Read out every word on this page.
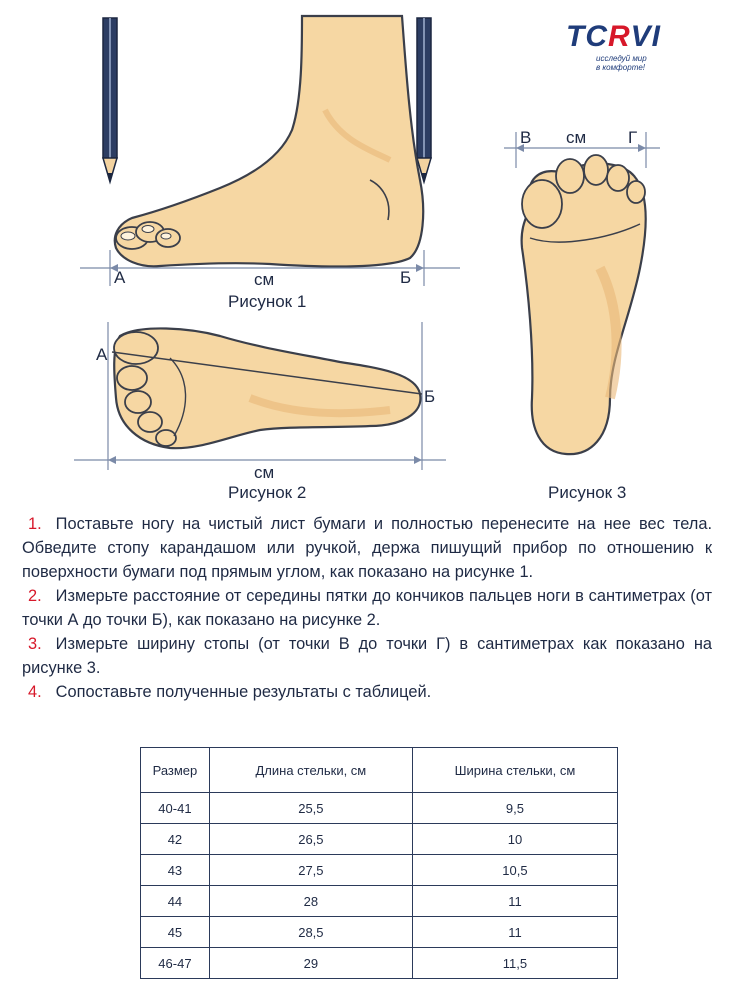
TCRVI
исследуй мир
в комфорте!
А	Б
см
Рисунок 1
А
Б
см
Рисунок 2
В см Г
Рисунок 3

1. Поставьте ногу на чистый лист бумаги и полностью перенесите на нее вес тела. Обведите стопу карандашом или ручкой, держа пишущий прибор по отношению к поверхности бумаги под прямым углом, как показано на рисунке 1.

2. Измерьте расстояние от середины пятки до кончиков пальцев ноги в сантиметрах (от точки А до точки Б), как показано на рисунке 2.

3. Измерьте ширину стопы (от точки В до точки Г) в сантиметрах как показано на рисунке 3.

4. Сопоставьте полученные результаты с таблицей.

Размер	Длина стельки, см	Ширина стельки, см
40-41	25,5	9,5
42	26,5	10
43	27,5	10,5
44	28	11
45	28,5	11
46-47	29	11,5
